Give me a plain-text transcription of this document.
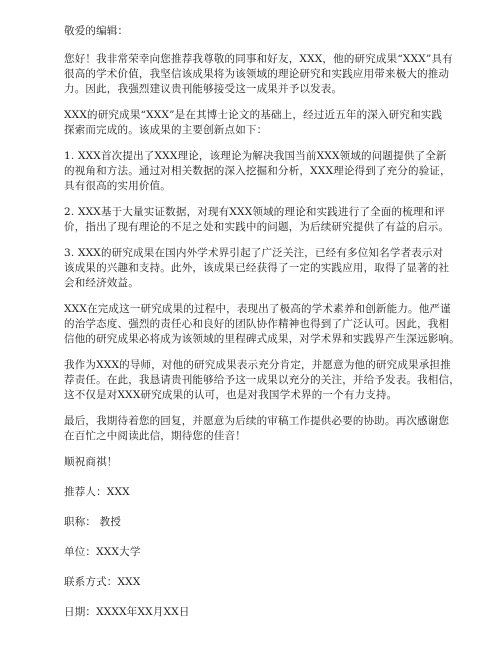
敬爱的编辑：
您好！我非常荣幸向您推荐我尊敬的同事和好友，XXX，他的研究成果“XXX”具有
很高的学术价值，我坚信该成果将为该领域的理论研究和实践应用带来极大的推动
力。因此，我强烈建议贵刊能够接受这一成果并予以发表。
XXX的研究成果“XXX”是在其博士论文的基础上，经过近五年的深入研究和实践
探索而完成的。该成果的主要创新点如下：
1. XXX首次提出了XXX理论，该理论为解决我国当前XXX领域的问题提供了全新
的视角和方法。通过对相关数据的深入挖掘和分析，XXX理论得到了充分的验证，
具有很高的实用价值。
2. XXX基于大量实证数据，对现有XXX领域的理论和实践进行了全面的梳理和评
价，指出了现有理论的不足之处和实践中的问题，为后续研究提供了有益的启示。
3. XXX的研究成果在国内外学术界引起了广泛关注，已经有多位知名学者表示对
该成果的兴趣和支持。此外，该成果已经获得了一定的实践应用，取得了显著的社
会和经济效益。
XXX在完成这一研究成果的过程中，表现出了极高的学术素养和创新能力。他严谨
的治学态度、强烈的责任心和良好的团队协作精神也得到了广泛认可。因此，我相
信他的研究成果必将成为该领域的里程碑式成果，对学术界和实践界产生深远影响。
我作为XXX的导师，对他的研究成果表示充分肯定，并愿意为他的研究成果承担推
荐责任。在此，我恳请贵刊能够给予这一成果以充分的关注，并给予发表。我相信，
这不仅是对XXX研究成果的认可，也是对我国学术界的一个有力支持。
最后，我期待着您的回复，并愿意为后续的审稿工作提供必要的协助。再次感谢您
在百忙之中阅读此信，期待您的佳音！
顺祝商祺！
推荐人：XXX
职称： 教授
单位：XXX大学
联系方式：XXX
日期：XXXX年XX月XX日
